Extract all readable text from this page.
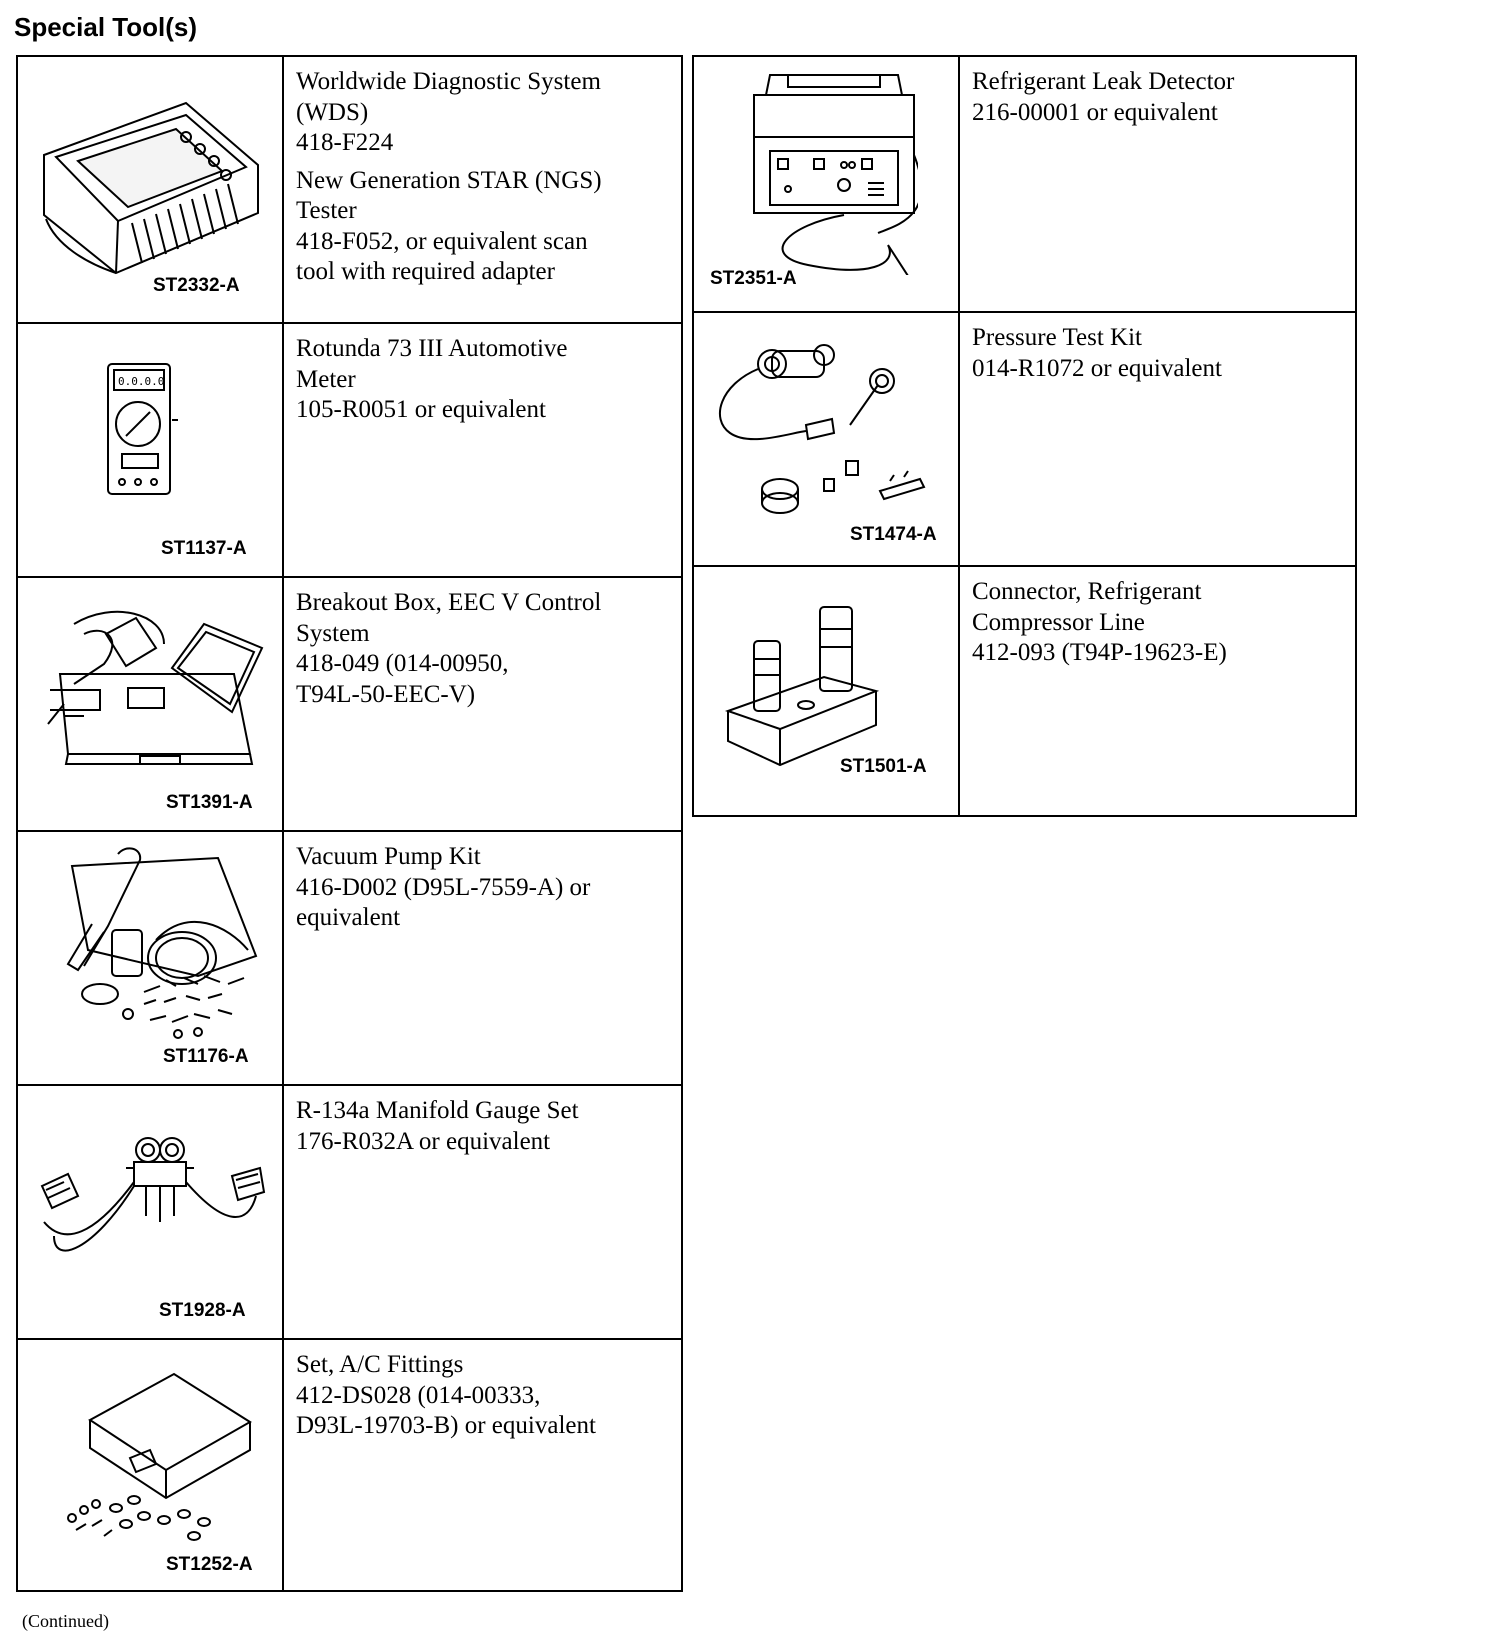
Special Tool(s)
ST2332-A
Worldwide Diagnostic System
(WDS)
418-F224
New Generation STAR (NGS)
Tester
418-F052, or equivalent scan
tool with required adapter
0.0.0.0
ST1137-A
Rotunda 73 III Automotive
Meter
105-R0051 or equivalent
ST1391-A
Breakout Box, EEC V Control
System
418-049 (014-00950,
T94L-50-EEC-V)
ST1176-A
Vacuum Pump Kit
416-D002 (D95L-7559-A) or
equivalent
ST1928-A
R-134a Manifold Gauge Set
176-R032A or equivalent
ST1252-A
Set, A/C Fittings
412-DS028 (014-00333,
D93L-19703-B) or equivalent
ST2351-A
Refrigerant Leak Detector
216-00001 or equivalent
ST1474-A
Pressure Test Kit
014-R1072 or equivalent
ST1501-A
Connector, Refrigerant
Compressor Line
412-093 (T94P-19623-E)
(Continued)
